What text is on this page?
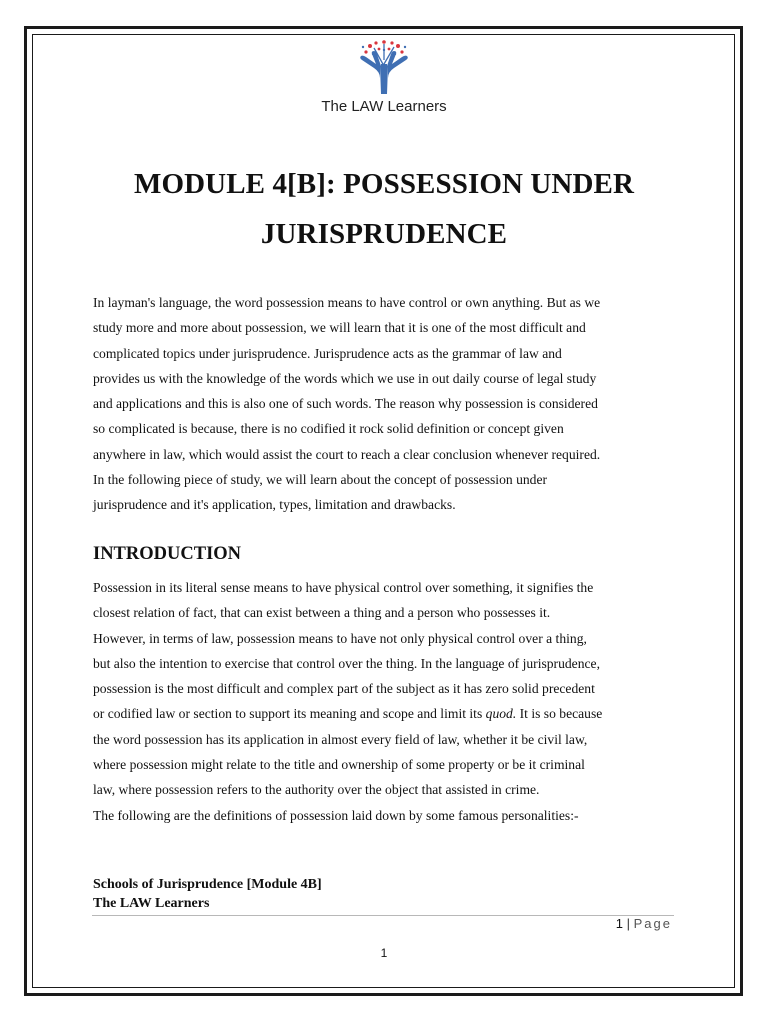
The LAW Learners
MODULE 4[B]: POSSESSION UNDER
JURISPRUDENCE

In layman's language, the word possession means to have control or own anything. But as we
study more and more about possession, we will learn that it is one of the most difficult and
complicated topics under jurisprudence. Jurisprudence acts as the grammar of law and
provides us with the knowledge of the words which we use in out daily course of legal study
and applications and this is also one of such words. The reason why possession is considered
so complicated is because, there is no codified it rock solid definition or concept given
anywhere in law, which would assist the court to reach a clear conclusion whenever required.
In the following piece of study, we will learn about the concept of possession under
jurisprudence and it's application, types, limitation and drawbacks.

INTRODUCTION

Possession in its literal sense means to have physical control over something, it signifies the
closest relation of fact, that can exist between a thing and a person who possesses it.
However, in terms of law, possession means to have not only physical control over a thing,
but also the intention to exercise that control over the thing. In the language of jurisprudence,
possession is the most difficult and complex part of the subject as it has zero solid precedent
or codified law or section to support its meaning and scope and limit its quod. It is so because
the word possession has its application in almost every field of law, whether it be civil law,
where possession might relate to the title and ownership of some property or be it criminal
law, where possession refers to the authority over the object that assisted in crime.
The following are the definitions of possession laid down by some famous personalities:-

Schools of Jurisprudence [Module 4B]
The LAW Learners
1 | Page
1
